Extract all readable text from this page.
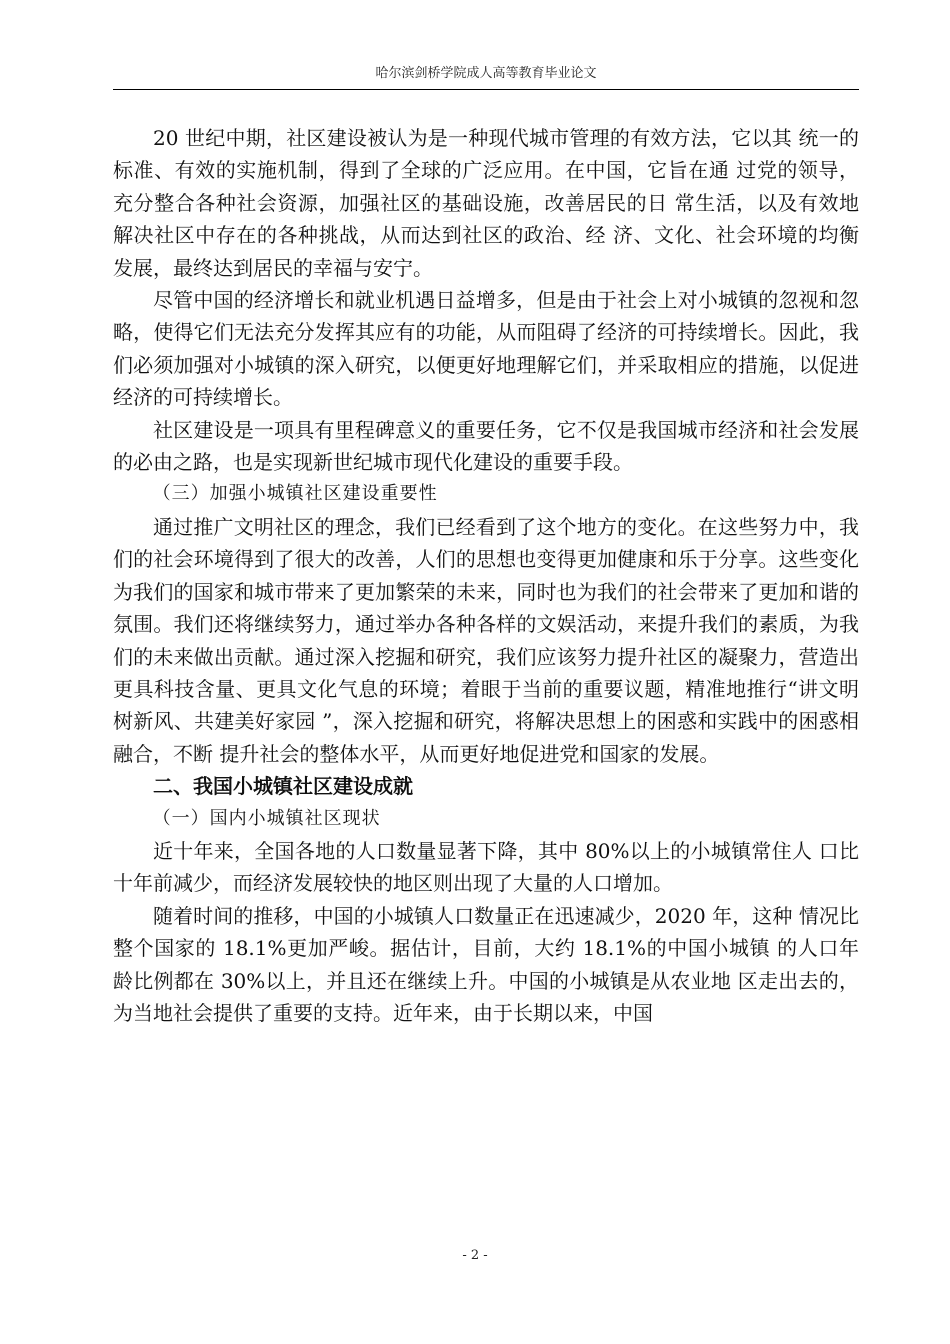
哈尔滨剑桥学院成人高等教育毕业论文

20 世纪中期，社区建设被认为是一种现代城市管理的有效方法，它以其 统一的标准、有效的实施机制，得到了全球的广泛应用。在中国，它旨在通 过党的领导，充分整合各种社会资源，加强社区的基础设施，改善居民的日 常生活，以及有效地解决社区中存在的各种挑战，从而达到社区的政治、经 济、文化、社会环境的均衡发展，最终达到居民的幸福与安宁。

尽管中国的经济增长和就业机遇日益增多，但是由于社会上对小城镇的忽视和忽略，使得它们无法充分发挥其应有的功能，从而阻碍了经济的可持续增长。因此，我们必须加强对小城镇的深入研究，以便更好地理解它们，并采取相应的措施，以促进经济的可持续增长。

社区建设是一项具有里程碑意义的重要任务，它不仅是我国城市经济和社会发展的必由之路，也是实现新世纪城市现代化建设的重要手段。

（三）加强小城镇社区建设重要性

通过推广文明社区的理念，我们已经看到了这个地方的变化。在这些努力中，我们的社会环境得到了很大的改善，人们的思想也变得更加健康和乐于分享。这些变化为我们的国家和城市带来了更加繁荣的未来，同时也为我们的社会带来了更加和谐的氛围。我们还将继续努力，通过举办各种各样的文娱活动，来提升我们的素质，为我们的未来做出贡献。通过深入挖掘和研究，我们应该努力提升社区的凝聚力，营造出更具科技含量、更具文化气息的环境；着眼于当前的重要议题，精准地推行“讲文明树新风、共建美好家园 ”，深入挖掘和研究，将解决思想上的困惑和实践中的困惑相融合，不断 提升社会的整体水平，从而更好地促进党和国家的发展。

二、我国小城镇社区建设成就

（一）国内小城镇社区现状

近十年来，全国各地的人口数量显著下降，其中 80%以上的小城镇常住人 口比十年前减少，而经济发展较快的地区则出现了大量的人口增加。

随着时间的推移，中国的小城镇人口数量正在迅速减少，2020 年，这种 情况比整个国家的 18.1%更加严峻。据估计，目前，大约 18.1%的中国小城镇 的人口年龄比例都在 30%以上，并且还在继续上升。中国的小城镇是从农业地 区走出去的，为当地社会提供了重要的支持。近年来，由于长期以来，中国

- 2 -
